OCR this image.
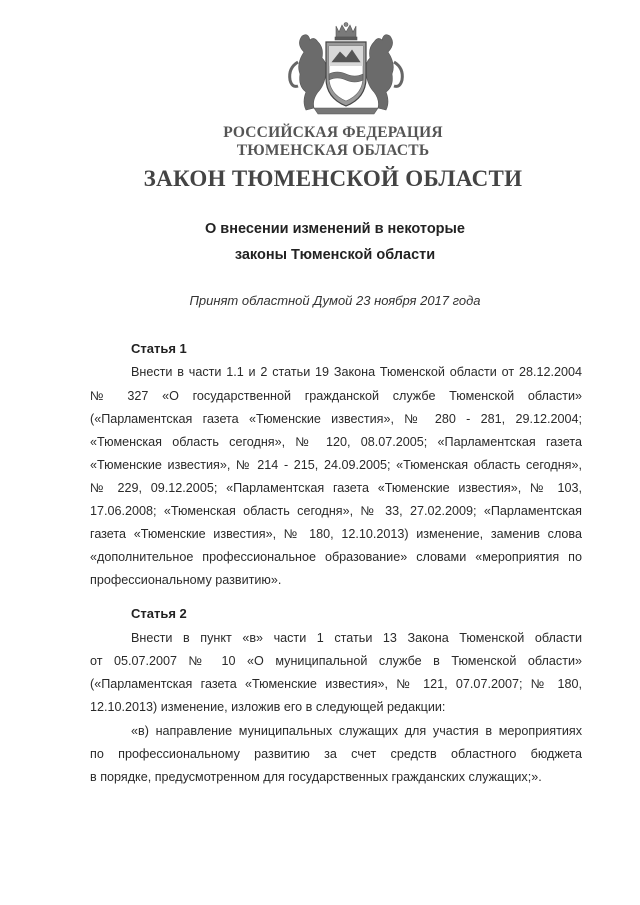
РОССИЙСКАЯ ФЕДЕРАЦИЯ
ТЮМЕНСКАЯ ОБЛАСТЬ
ЗАКОН ТЮМЕНСКОЙ ОБЛАСТИ
О внесении изменений в некоторые
законы Тюменской области
Принят областной Думой 23 ноября 2017 года
Статья 1
Внести в части 1.1 и 2 статьи 19 Закона Тюменской области от 28.12.2004
№ 327 «О государственной гражданской службе Тюменской области»
(«Парламентская газета «Тюменские известия», № 280 - 281, 29.12.2004;
«Тюменская область сегодня», № 120, 08.07.2005; «Парламентская газета
«Тюменские известия», № 214 - 215, 24.09.2005; «Тюменская область сегодня»,
№ 229, 09.12.2005; «Парламентская газета «Тюменские известия», № 103,
17.06.2008; «Тюменская область сегодня», № 33, 27.02.2009; «Парламентская
газета «Тюменские известия», № 180, 12.10.2013) изменение, заменив слова
«дополнительное профессиональное образование» словами «мероприятия по
профессиональному развитию».
Статья 2
Внести в пункт «в» части 1 статьи 13 Закона Тюменской области
от 05.07.2007 № 10 «О муниципальной службе в Тюменской области»
(«Парламентская газета «Тюменские известия», № 121, 07.07.2007; № 180,
12.10.2013) изменение, изложив его в следующей редакции:
«в) направление муниципальных служащих для участия в мероприятиях
по профессиональному развитию за счет средств областного бюджета
в порядке, предусмотренном для государственных гражданских служащих;».
